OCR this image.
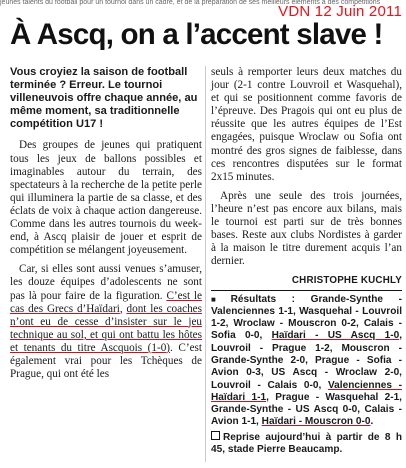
jeunes talents du football pour un tournoi dans un cadre, et de la préparation de ses meilleurs éléments à des compétitions
VDN 12 Juin 2011
À Ascq, on a l’accent slave !

Vous croyiez la saison de football terminée ? Erreur. Le tournoi villeneuvois offre chaque année, au même moment, sa traditionnelle compétition U17 !

Des groupes de jeunes qui pratiquent tous les jeux de ballons possibles et imaginables autour du terrain, des spectateurs à la recherche de la petite perle qui illuminera la partie de sa classe, et des éclats de voix à chaque action dangereuse. Comme dans les autres tournois du week-end, à Ascq plaisir de jouer et esprit de compétition se mélangent joyeusement.

Car, si elles sont aussi venues s’amuser, les douze équipes d’adolescents ne sont pas là pour faire de la figuration. C’est le cas des Grecs d’Haïdari, dont les coaches n’ont eu de cesse d’insister sur le jeu technique au sol, et qui ont battu les hôtes et tenants du titre Ascquois (1-0). C’est également vrai pour les Tchèques de Prague, qui ont été les

seuls à remporter leurs deux matches du jour (2-1 contre Louvroil et Wasquehal), et qui se positionnent comme favoris de l’épreuve. Des Pragois qui ont eu plus de réussite que les autres équipes de l’Est engagées, puisque Wroclaw ou Sofia ont montré des gros signes de faiblesse, dans ces rencontres disputées sur le format 2x15 minutes.

Après une seule des trois journées, l’heure n’est pas encore aux bilans, mais le tournoi est parti sur de très bonnes bases. Reste aux clubs Nordistes à garder à la maison le titre durement acquis l’an dernier.

CHRISTOPHE KUCHLY

■ Résultats : Grande-Synthe - Valenciennes 1-1, Wasquehal - Louvroil 1-2, Wroclaw - Mouscron 0-2, Calais - Sofia 0-0, Haïdari - US Ascq 1-0, Louvroil - Prague 1-2, Mouscron - Grande-Synthe 2-0, Prague - Sofia - Avion 0-3, US Ascq - Wroclaw 2-0, Louvroil - Calais 0-0, Valenciennes - Haïdari 1-1, Prague - Wasquehal 2-1, Grande-Synthe - US Ascq 0-0, Calais - Avion 1-1, Haïdari - Mouscron 0-0.

Reprise aujourd’hui à partir de 8 h 45, stade Pierre Beaucamp.
